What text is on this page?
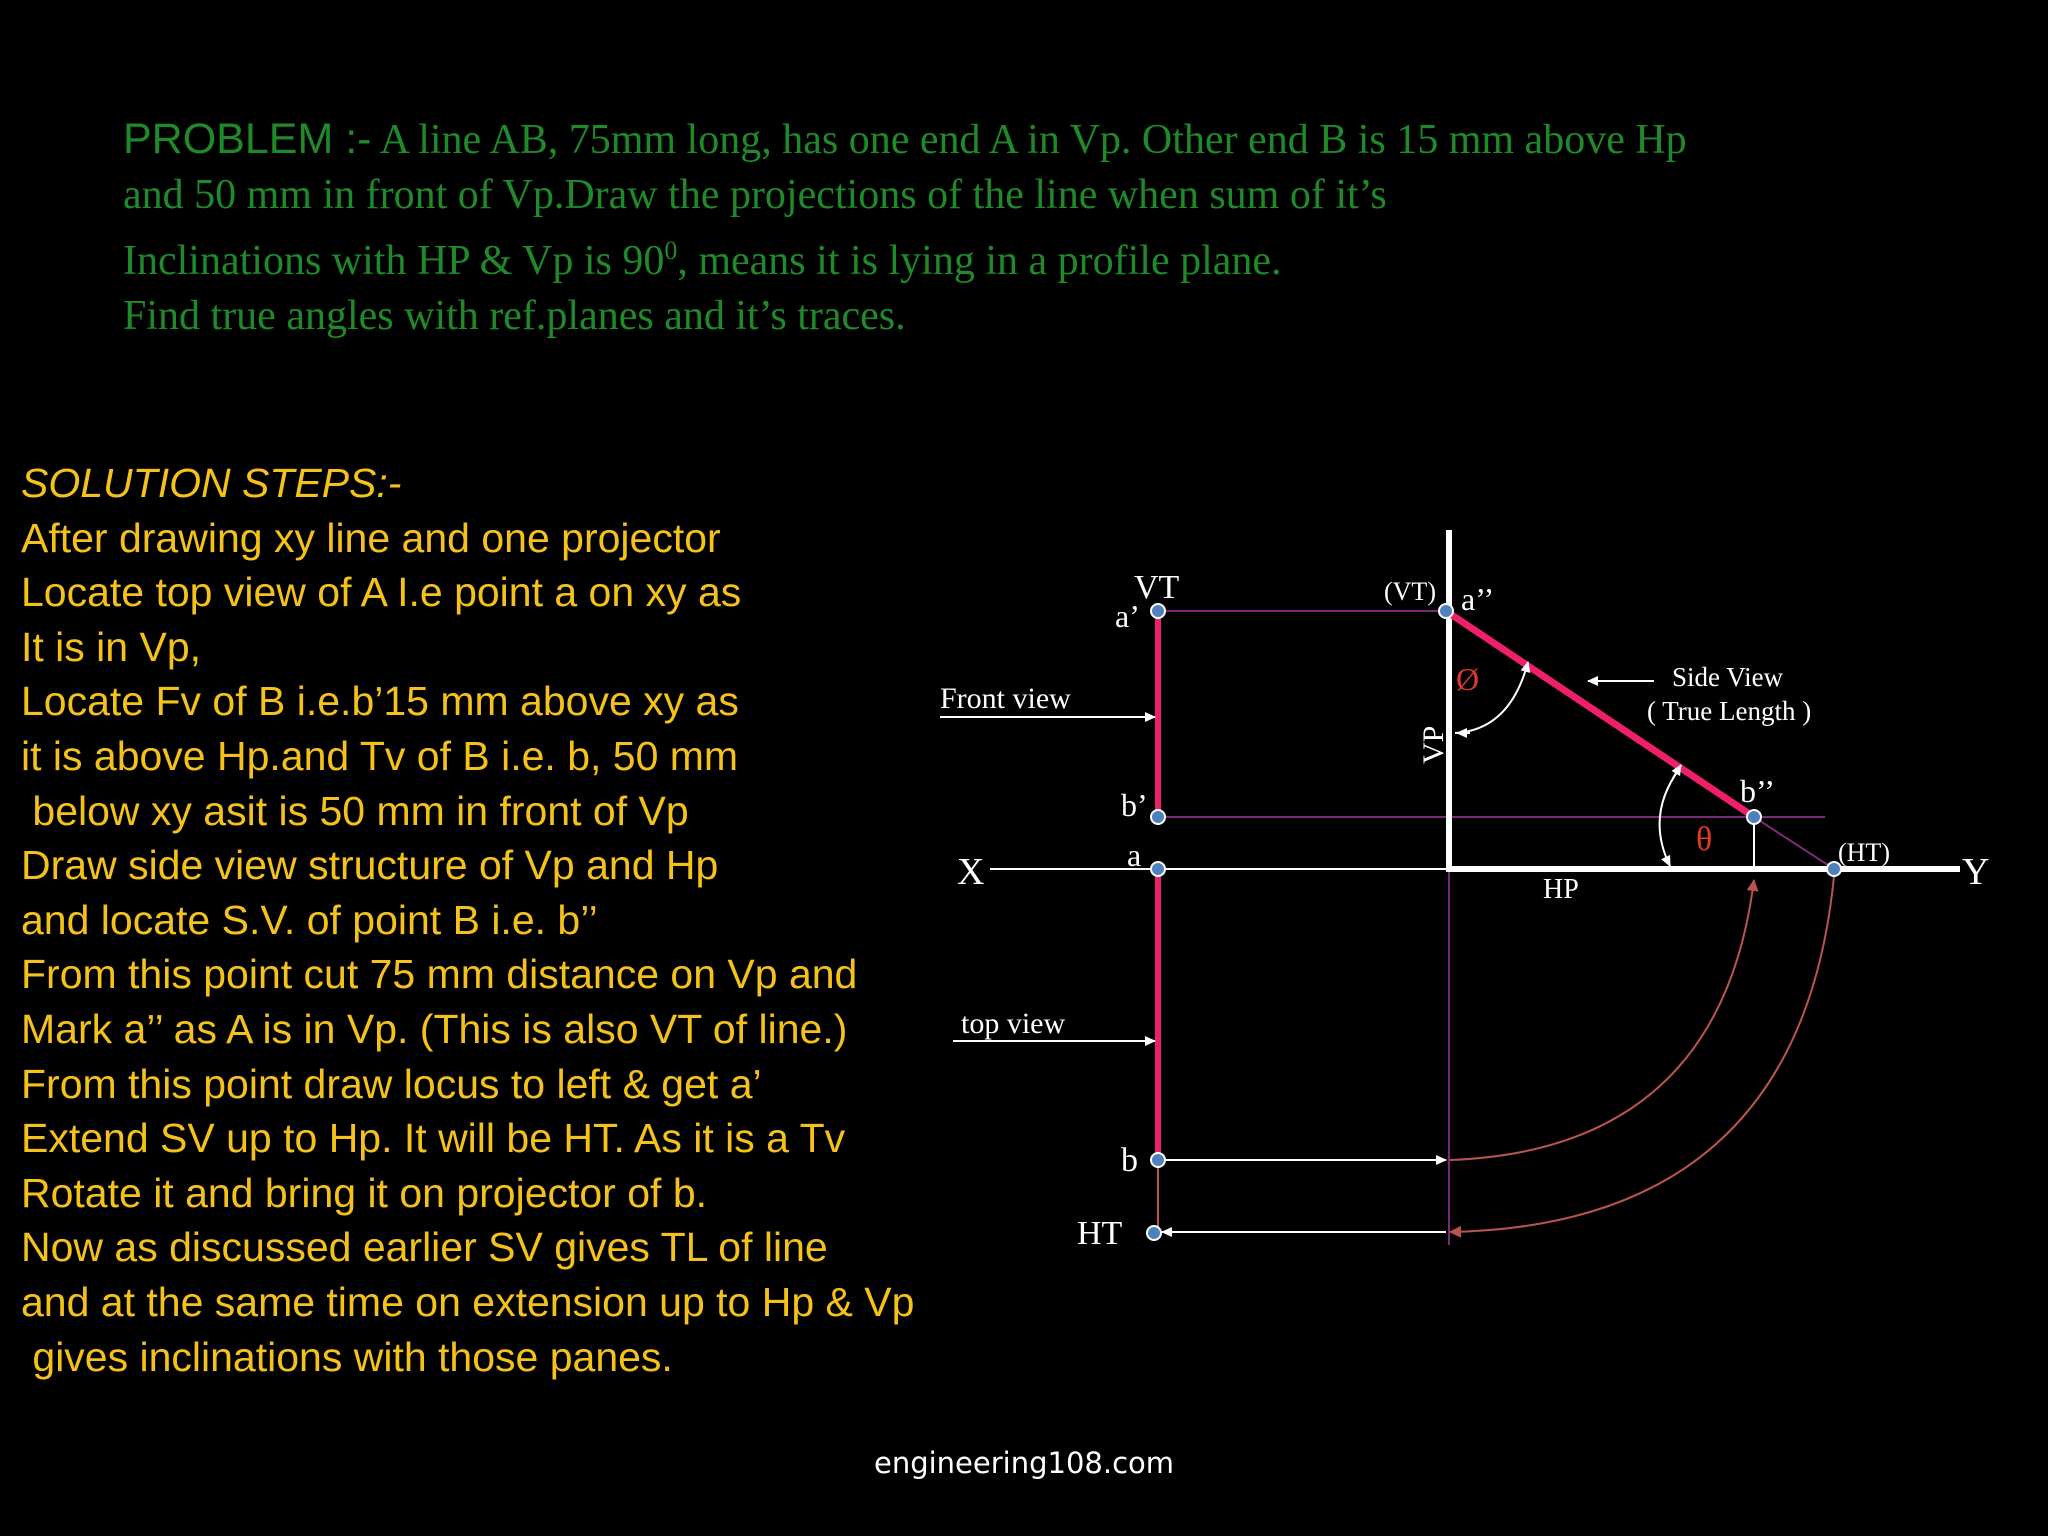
PROBLEM :- A line AB, 75mm long, has one end A in Vp. Other end B is 15 mm above Hp
and 50 mm in front of Vp.Draw the projections of the line when sum of it’s
Inclinations with HP & Vp is $90^0$, means it is lying in a profile plane.
Find true angles with ref.planes and it’s traces.
SOLUTION STEPS:-
After drawing xy line and one projector
Locate top view of A I.e point a on xy as
It is in Vp,
Locate Fv of B i.e.b’15 mm above xy as
it is above Hp.and Tv of B i.e. b, 50 mm
below xy asit is 50 mm in front of Vp
Draw side view structure of Vp and Hp
and locate S.V. of point B i.e. b’’
From this point cut 75 mm distance on Vp and
Mark a’’ as A is in Vp. (This is also VT of line.)
From this point draw locus to left & get a’
Extend SV up to Hp. It will be HT. As it is a Tv
Rotate it and bring it on projector of b.
Now as discussed earlier SV gives TL of line
and at the same time on extension up to Hp & Vp
gives inclinations with those panes.
VT
a’
(VT) a’’
Front view
Ø
VP
Side View
( True Length )
b’	b’’
θ	(HT)
X	a
HP	Y
top view
b
HT
engineering108.com
